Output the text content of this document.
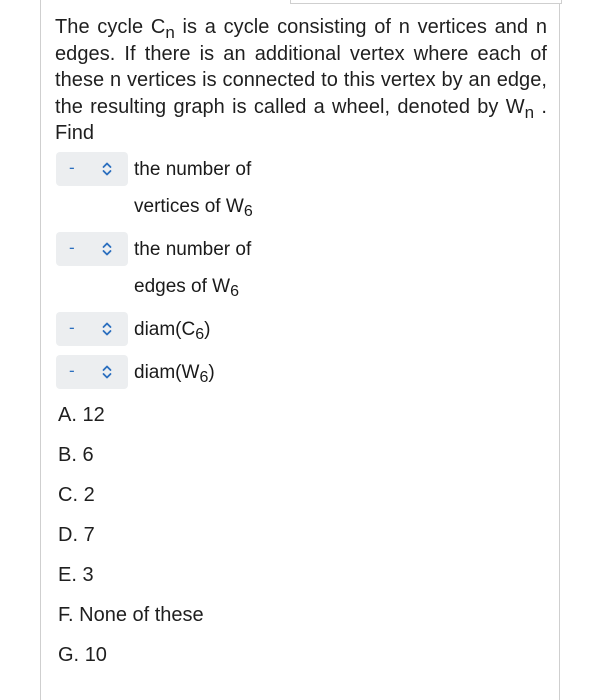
The cycle $C_n$ is a cycle consisting of n vertices and n edges. If there is an additional vertex where each of these n vertices is connected to this vertex by an edge, the resulting graph is called a wheel, denoted by $W_n$ . Find
-	the number of
vertices of $W_6$
-	the number of
edges of $W_6$
-	$diam(C_6)$
-	$diam(W_6)$
A. 12
B. 6
C. 2
D. 7
E. 3
F. None of these
G. 10
